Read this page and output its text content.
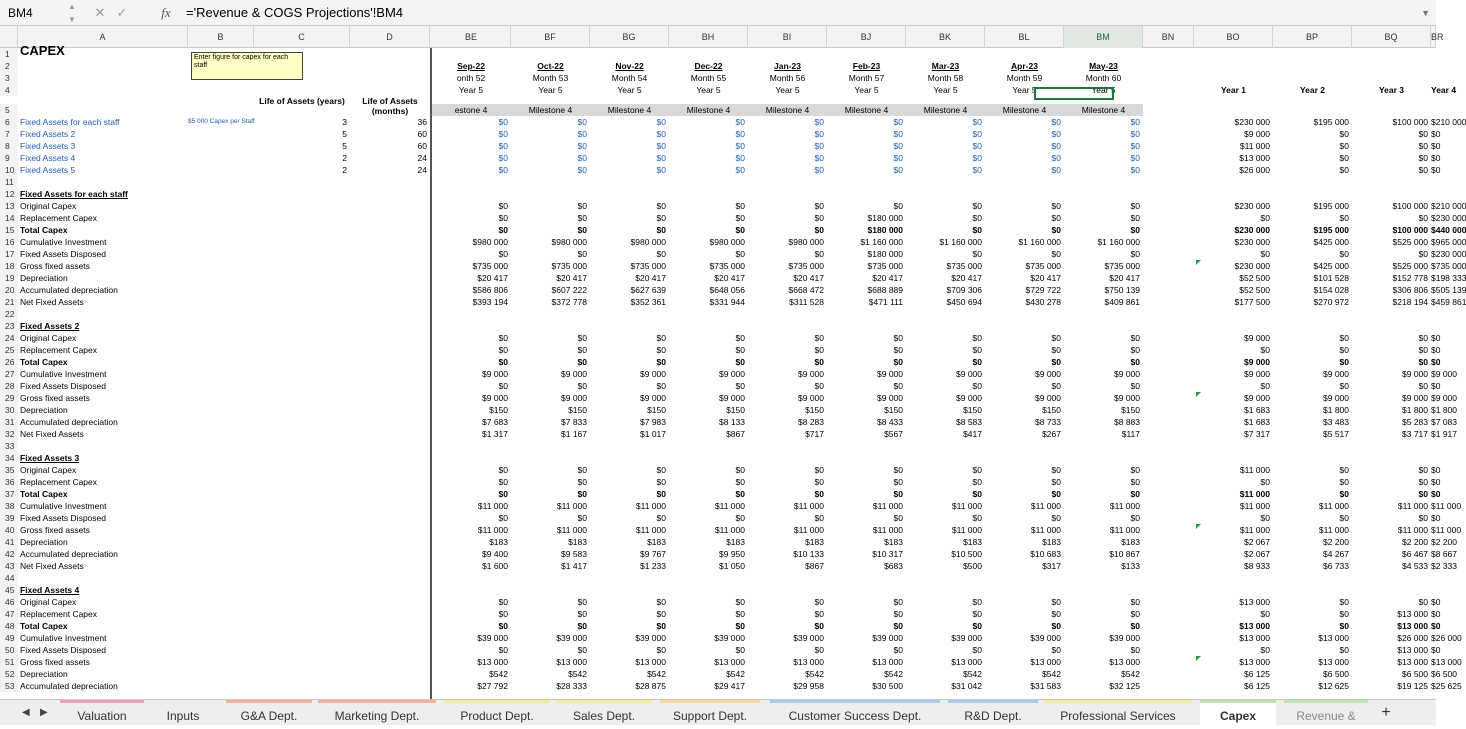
BM4	▲
▼ ✕ ✓	fx	='Revenue & COGS Projections'!BM4	▼
A	B	C	D	BE	BF	BG	BH	BI	BJ	BK	BL	BM	BN	BO	BP	BQ	BR
1 CAPEX
2	Sep-22	Oct-22	Nov-22	Dec-22	Jan-23	Feb-23	Mar-23	Apr-23	May-23
3	onth 52	Month 53	Month 54	Month 55	Month 56	Month 57	Month 58	Month 59	Month 60
4	Year 5	Year 5	Year 5	Year 5	Year 5	Year 5	Year 5	Year 5	Year 5	Year 1	Year 2	Year 3	Year 4
5
Life of Assets (years)	Life of Assets (months)	estone 4	Milestone 4	Milestone 4	Milestone 4	Milestone 4	Milestone 4	Milestone 4	Milestone 4	Milestone 4
6	Fixed Assets for each staff	$5 000 Capex per Staff	3	36	$0	$0	$0	$0	$0	$0	$0	$0	$0	$230 000	$195 000	$100 000 $210 000
7	Fixed Assets 2	5	60	$0	$0	$0	$0	$0	$0	$0	$0	$0	$9 000	$0	$0 $0
8	Fixed Assets 3	5	60	$0	$0	$0	$0	$0	$0	$0	$0	$0	$11 000	$0	$0 $0
9	Fixed Assets 4	2	24	$0	$0	$0	$0	$0	$0	$0	$0	$0	$13 000	$0	$0 $0
10 Fixed Assets 5	2	24	$0	$0	$0	$0	$0	$0	$0	$0	$0	$26 000	$0	$0 $0
11
12 Fixed Assets for each staff
13 Original Capex	$0	$0	$0	$0	$0	$0	$0	$0	$0	$230 000	$195 000	$100 000 $210 000
14 Replacement Capex	$0	$0	$0	$0	$0	$180 000	$0	$0	$0	$0	$0	$0 $230 000
15 Total Capex	$0	$0	$0	$0	$0	$180 000	$0	$0	$0	$230 000	$195 000	$100 000 $440 000
16 Cumulative Investment	$980 000	$980 000	$980 000	$980 000	$980 000	$1 160 000	$1 160 000	$1 160 000	$1 160 000	$230 000	$425 000	$525 000 $965 000
17 Fixed Assets Disposed	$0	$0	$0	$0	$0	$180 000	$0	$0	$0	$0	$0	$0 $230 000
18 Gross fixed assets	$735 000	$735 000	$735 000	$735 000	$735 000	$735 000	$735 000	$735 000	$735 000	$230 000	$425 000	$525 000 $735 000
19 Depreciation	$20 417	$20 417	$20 417	$20 417	$20 417	$20 417	$20 417	$20 417	$20 417	$52 500	$101 528	$152 778 $198 333
20 Accumulated depreciation	$586 806	$607 222	$627 639	$648 056	$668 472	$688 889	$709 306	$729 722	$750 139	$52 500	$154 028	$306 806 $505 139
21 Net Fixed Assets	$393 194	$372 778	$352 361	$331 944	$311 528	$471 111	$450 694	$430 278	$409 861	$177 500	$270 972	$218 194 $459 861
22
23 Fixed Assets 2
24 Original Capex	$0	$0	$0	$0	$0	$0	$0	$0	$0	$9 000	$0	$0 $0
25 Replacement Capex	$0	$0	$0	$0	$0	$0	$0	$0	$0	$0	$0	$0 $0
26 Total Capex	$0	$0	$0	$0	$0	$0	$0	$0	$0	$9 000	$0	$0 $0
27 Cumulative Investment	$9 000	$9 000	$9 000	$9 000	$9 000	$9 000	$9 000	$9 000	$9 000	$9 000	$9 000	$9 000 $9 000
28 Fixed Assets Disposed	$0	$0	$0	$0	$0	$0	$0	$0	$0	$0	$0	$0 $0
29 Gross fixed assets	$9 000	$9 000	$9 000	$9 000	$9 000	$9 000	$9 000	$9 000	$9 000	$9 000	$9 000	$9 000 $9 000
30 Depreciation	$150	$150	$150	$150	$150	$150	$150	$150	$150	$1 683	$1 800	$1 800 $1 800
31 Accumulated depreciation	$7 683	$7 833	$7 983	$8 133	$8 283	$8 433	$8 583	$8 733	$8 883	$1 683	$3 483	$5 283 $7 083
32 Net Fixed Assets	$1 317	$1 167	$1 017	$867	$717	$567	$417	$267	$117	$7 317	$5 517	$3 717 $1 917
33
34 Fixed Assets 3
35 Original Capex	$0	$0	$0	$0	$0	$0	$0	$0	$0	$11 000	$0	$0 $0
36 Replacement Capex	$0	$0	$0	$0	$0	$0	$0	$0	$0	$0	$0	$0 $0
37 Total Capex	$0	$0	$0	$0	$0	$0	$0	$0	$0	$11 000	$0	$0 $0
38 Cumulative Investment	$11 000	$11 000	$11 000	$11 000	$11 000	$11 000	$11 000	$11 000	$11 000	$11 000	$11 000	$11 000 $11 000
39 Fixed Assets Disposed	$0	$0	$0	$0	$0	$0	$0	$0	$0	$0	$0	$0 $0
40 Gross fixed assets	$11 000	$11 000	$11 000	$11 000	$11 000	$11 000	$11 000	$11 000	$11 000	$11 000	$11 000	$11 000 $11 000
41 Depreciation	$183	$183	$183	$183	$183	$183	$183	$183	$183	$2 067	$2 200	$2 200 $2 200
42 Accumulated depreciation	$9 400	$9 583	$9 767	$9 950	$10 133	$10 317	$10 500	$10 683	$10 867	$2 067	$4 267	$6 467 $8 667
43 Net Fixed Assets	$1 600	$1 417	$1 233	$1 050	$867	$683	$500	$317	$133	$8 933	$6 733	$4 533 $2 333
44
45 Fixed Assets 4
46 Original Capex	$0	$0	$0	$0	$0	$0	$0	$0	$0	$13 000	$0	$0 $0
47 Replacement Capex	$0	$0	$0	$0	$0	$0	$0	$0	$0	$0	$0	$13 000 $0
48 Total Capex	$0	$0	$0	$0	$0	$0	$0	$0	$0	$13 000	$0	$13 000 $0
49 Cumulative Investment	$39 000	$39 000	$39 000	$39 000	$39 000	$39 000	$39 000	$39 000	$39 000	$13 000	$13 000	$26 000 $26 000
50 Fixed Assets Disposed	$0	$0	$0	$0	$0	$0	$0	$0	$0	$0	$0	$13 000 $0
51 Gross fixed assets	$13 000	$13 000	$13 000	$13 000	$13 000	$13 000	$13 000	$13 000	$13 000	$13 000	$13 000	$13 000 $13 000
52 Depreciation	$542	$542	$542	$542	$542	$542	$542	$542	$542	$6 125	$6 500	$6 500 $6 500
53 Accumulated depreciation	$27 792	$28 333	$28 875	$29 417	$29 958	$30 500	$31 042	$31 583	$32 125	$6 125	$12 625	$19 125 $25 625
Enter figure for capex for each staff
◀ ▶	Valuation	Inputs	G&A Dept.	Marketing Dept.	Product Dept.	Sales Dept.	Support Dept.	Customer Success Dept.	R&D Dept.	Professional Services	Capex	Revenue &	+
